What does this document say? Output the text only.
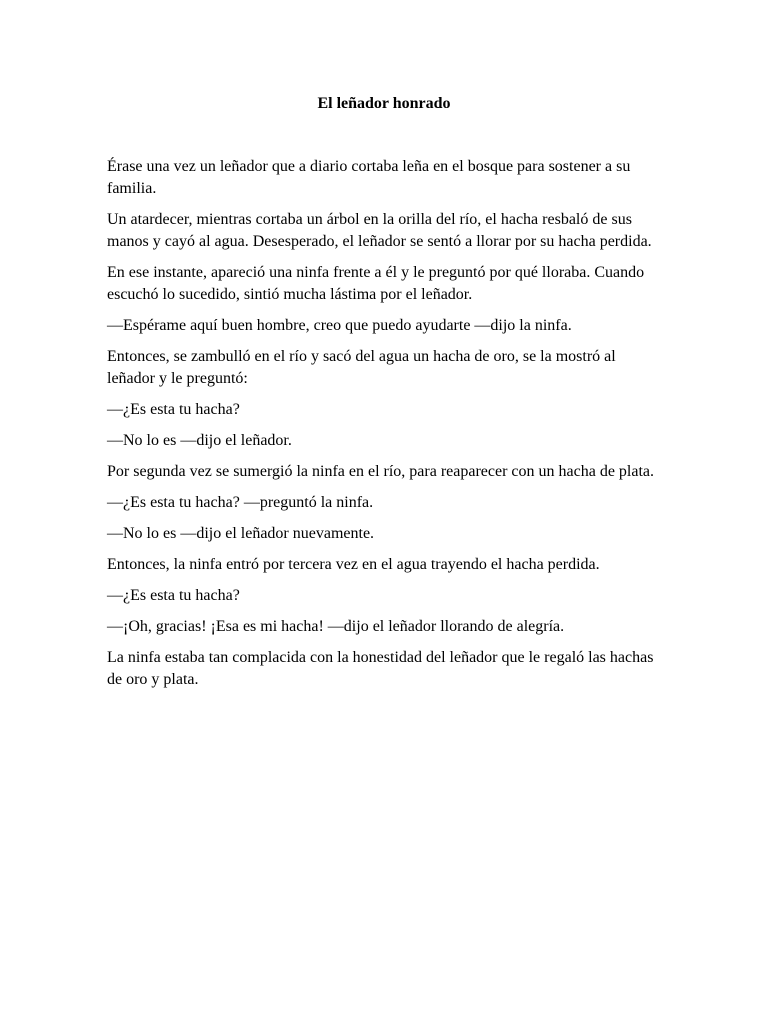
El leñador honrado

Érase una vez un leñador que a diario cortaba leña en el bosque para sostener a su familia.

Un atardecer, mientras cortaba un árbol en la orilla del río, el hacha resbaló de sus manos y cayó al agua. Desesperado, el leñador se sentó a llorar por su hacha perdida.

En ese instante, apareció una ninfa frente a él y le preguntó por qué lloraba. Cuando escuchó lo sucedido, sintió mucha lástima por el leñador.

—Espérame aquí buen hombre, creo que puedo ayudarte —dijo la ninfa.

Entonces, se zambulló en el río y sacó del agua un hacha de oro, se la mostró al leñador y le preguntó:

—¿Es esta tu hacha?

—No lo es —dijo el leñador.

Por segunda vez se sumergió la ninfa en el río, para reaparecer con un hacha de plata.

—¿Es esta tu hacha? —preguntó la ninfa.

—No lo es —dijo el leñador nuevamente.

Entonces, la ninfa entró por tercera vez en el agua trayendo el hacha perdida.

—¿Es esta tu hacha?

—¡Oh, gracias! ¡Esa es mi hacha! —dijo el leñador llorando de alegría.

La ninfa estaba tan complacida con la honestidad del leñador que le regaló las hachas de oro y plata.
